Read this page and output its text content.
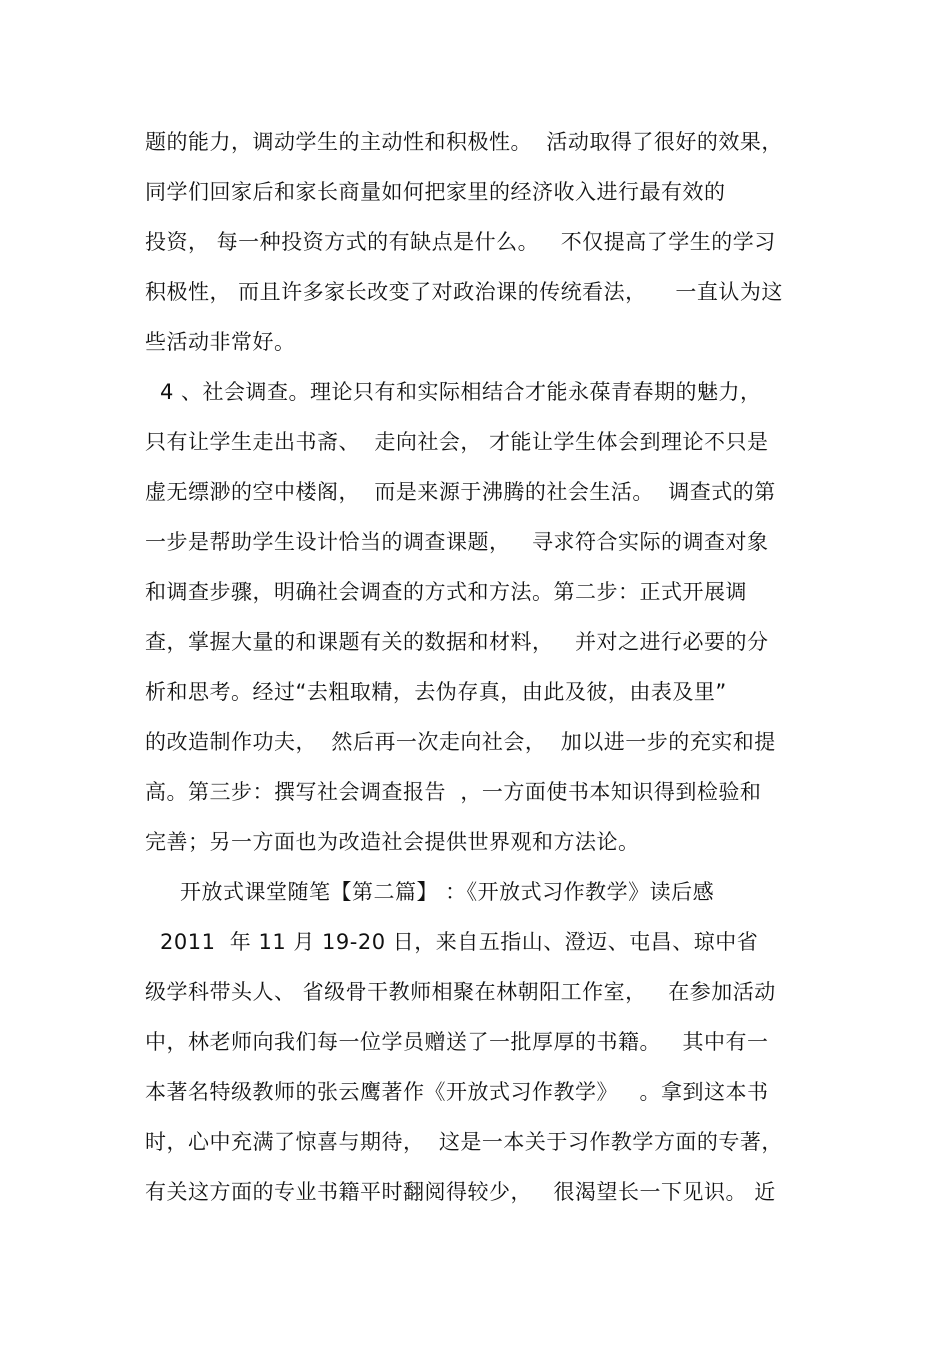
题的能力，调动学生的主动性和积极性。  活动取得了很好的效果，
同学们回家后和家长商量如何把家里的经济收入进行最有效的
投资， 每一种投资方式的有缺点是什么。   不仅提高了学生的学习
积极性， 而且许多家长改变了对政治课的传统看法，    一直认为这
些活动非常好。
4 、社会调查。理论只有和实际相结合才能永葆青春期的魅力，
只有让学生走出书斋、  走向社会， 才能让学生体会到理论不只是
虚无缥渺的空中楼阁，  而是来源于沸腾的社会生活。  调查式的第
一步是帮助学生设计恰当的调查课题，   寻求符合实际的调查对象
和调查步骤，明确社会调查的方式和方法。第二步：正式开展调
查，掌握大量的和课题有关的数据和材料，   并对之进行必要的分
析和思考。经过“去粗取精，去伪存真，由此及彼，由表及里”
的改造制作功夫，  然后再一次走向社会，  加以进一步的充实和提
高。第三步：撰写社会调查报告  ，一方面使书本知识得到检验和
完善；另一方面也为改造社会提供世界观和方法论。
开放式课堂随笔【第二篇】 ：《开放式习作教学》读后感
2011  年 11 月 19-20 日，来自五指山、澄迈、屯昌、琼中省
级学科带头人、 省级骨干教师相聚在林朝阳工作室，   在参加活动
中，林老师向我们每一位学员赠送了一批厚厚的书籍。   其中有一
本著名特级教师的张云鹰著作《开放式习作教学》   。拿到这本书
时，心中充满了惊喜与期待，  这是一本关于习作教学方面的专著，
有关这方面的专业书籍平时翻阅得较少，   很渴望长一下见识。 近
